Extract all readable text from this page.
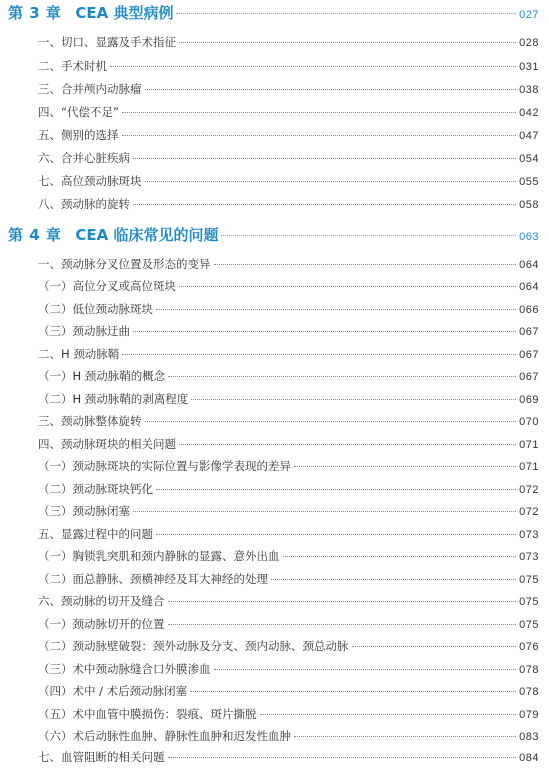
第 3 章 CEA 典型病例	027
一、切口、显露及手术指征	028
二、手术时机	031
三、合并颅内动脉瘤	038
四、“代偿不足”	042
五、侧别的选择	047
六、合并心脏疾病	054
七、高位颈动脉斑块	055
八、颈动脉的旋转	058
第 4 章 CEA 临床常见的问题	063
一、颈动脉分叉位置及形态的变异	064
（一）高位分叉或高位斑块	064
（二）低位颈动脉斑块	066
（三）颈动脉迂曲	067
二、H 颈动脉鞘	067
（一）H 颈动脉鞘的概念	067
（二）H 颈动脉鞘的剥离程度	069
三、颈动脉整体旋转	070
四、颈动脉斑块的相关问题	071
（一）颈动脉斑块的实际位置与影像学表现的差异	071
（二）颈动脉斑块钙化	072
（三）颈动脉闭塞	072
五、显露过程中的问题	073
（一）胸锁乳突肌和颈内静脉的显露、意外出血	073
（二）面总静脉、颈横神经及耳大神经的处理	075
六、颈动脉的切开及缝合	075
（一）颈动脉切开的位置	075
（二）颈动脉壁破裂：颈外动脉及分支、颈内动脉、颈总动脉	076
（三）术中颈动脉缝合口外膜渗血	078
（四）术中 / 术后颈动脉闭塞	078
（五）术中血管中膜损伤：裂痕、斑片撕脱	079
（六）术后动脉性血肿、静脉性血肿和迟发性血肿	083
七、血管阻断的相关问题	084
